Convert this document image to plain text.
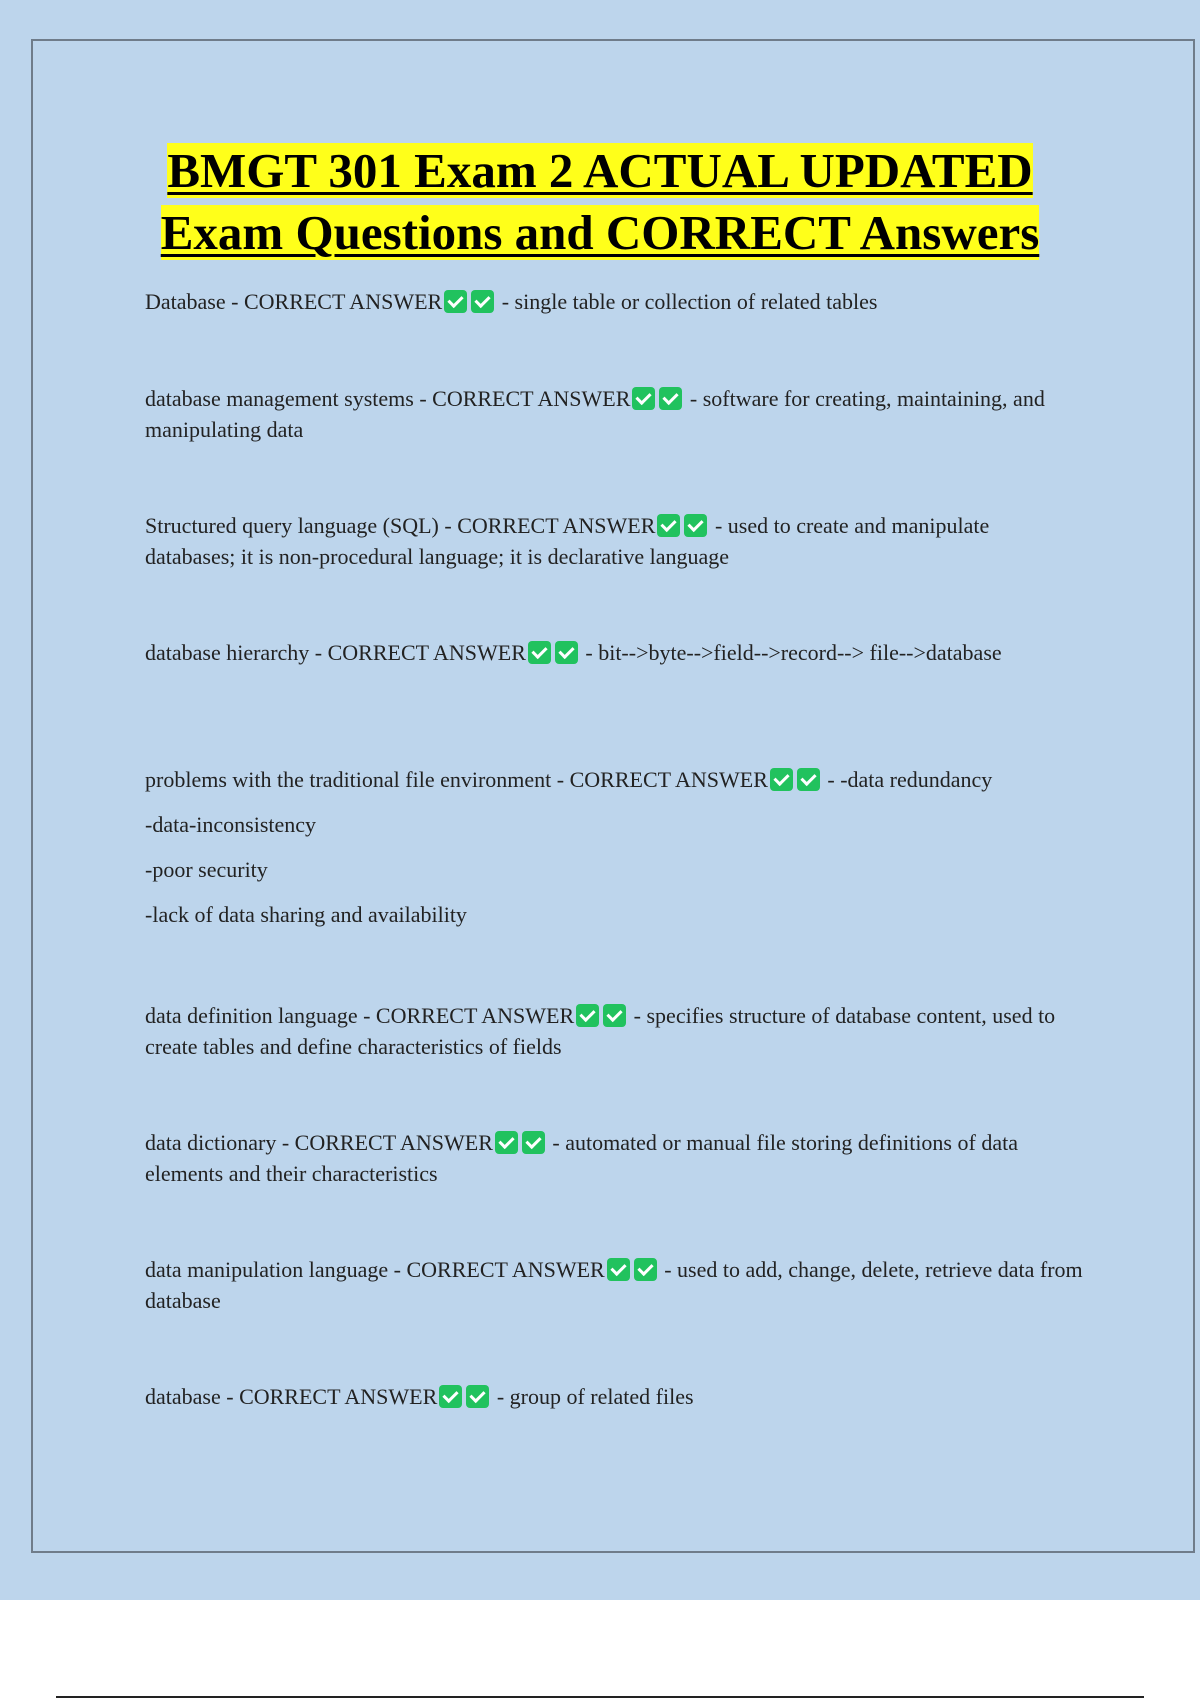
BMGT 301 Exam 2 ACTUAL UPDATED
Exam Questions and CORRECT Answers

Database - CORRECT ANSWER - single table or collection of related tables

database management systems - CORRECT ANSWER - software for creating, maintaining, and manipulating data

Structured query language (SQL) - CORRECT ANSWER - used to create and manipulate databases; it is non-procedural language; it is declarative language

database hierarchy - CORRECT ANSWER - bit-->byte-->field-->record--> file-->database

problems with the traditional file environment - CORRECT ANSWER - -data redundancy

-data-inconsistency

-poor security

-lack of data sharing and availability

data definition language - CORRECT ANSWER - specifies structure of database content, used to create tables and define characteristics of fields

data dictionary - CORRECT ANSWER - automated or manual file storing definitions of data elements and their characteristics

data manipulation language - CORRECT ANSWER - used to add, change, delete, retrieve data from database

database - CORRECT ANSWER - group of related files
